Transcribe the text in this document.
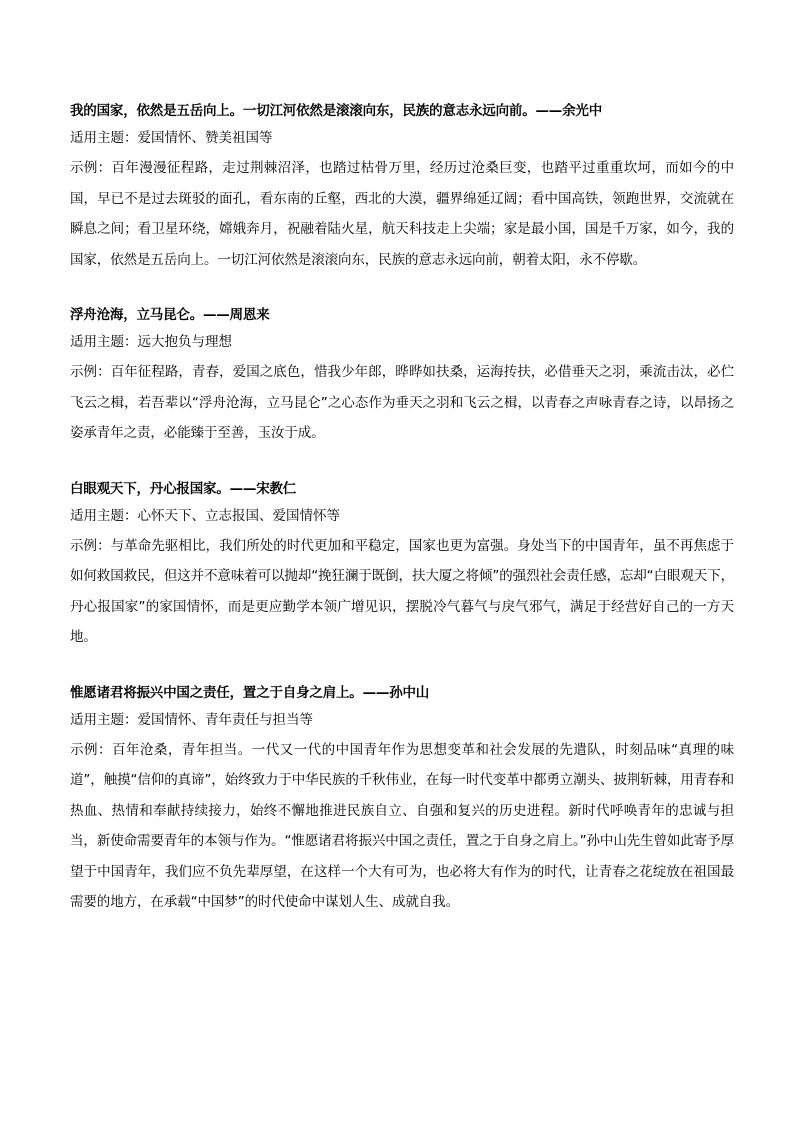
我的国家，依然是五岳向上。一切江河依然是滚滚向东，民族的意志永远向前。——余光中

适用主题：爱国情怀、赞美祖国等

示例：百年漫漫征程路，走过荆棘沼泽，也踏过枯骨万里，经历过沧桑巨变，也踏平过重重坎坷，而如今的中国，早已不是过去斑驳的面孔，看东南的丘壑，西北的大漠，疆界绵延辽阔；看中国高铁，领跑世界，交流就在瞬息之间；看卫星环绕，嫦娥奔月，祝融着陆火星，航天科技走上尖端；家是最小国，国是千万家，如今，我的国家，依然是五岳向上。一切江河依然是滚滚向东，民族的意志永远向前，朝着太阳，永不停歇。

浮舟沧海，立马昆仑。——周恩来

适用主题：远大抱负与理想

示例：百年征程路，青春，爱国之底色，惜我少年郎，晔晔如扶桑，运海抟扶，必借垂天之羽，乘流击汰，必伫飞云之楫，若吾辈以“浮舟沧海，立马昆仑”之心态作为垂天之羽和飞云之楫，以青春之声咏青春之诗，以昂扬之姿承青年之责，必能臻于至善，玉汝于成。

白眼观天下，丹心报国家。——宋教仁

适用主题：心怀天下、立志报国、爱国情怀等

示例：与革命先驱相比，我们所处的时代更加和平稳定，国家也更为富强。身处当下的中国青年，虽不再焦虑于如何救国救民，但这并不意味着可以抛却“挽狂澜于既倒，扶大厦之将倾”的强烈社会责任感，忘却“白眼观天下，丹心报国家”的家国情怀，而是更应勤学本领广增见识，摆脱冷气暮气与戾气邪气，满足于经营好自己的一方天地。

惟愿诸君将振兴中国之责任，置之于自身之肩上。——孙中山

适用主题：爱国情怀、青年责任与担当等

示例：百年沧桑，青年担当。一代又一代的中国青年作为思想变革和社会发展的先遣队，时刻品味“真理的味道”，触摸“信仰的真谛”，始终致力于中华民族的千秋伟业，在每一时代变革中都勇立潮头、披荆斩棘，用青春和热血、热情和奉献持续接力，始终不懈地推进民族自立、自强和复兴的历史进程。新时代呼唤青年的忠诚与担当，新使命需要青年的本领与作为。“惟愿诸君将振兴中国之责任，置之于自身之肩上。”孙中山先生曾如此寄予厚望于中国青年，我们应不负先辈厚望，在这样一个大有可为，也必将大有作为的时代，让青春之花绽放在祖国最需要的地方，在承载“中国梦”的时代使命中谋划人生、成就自我。
